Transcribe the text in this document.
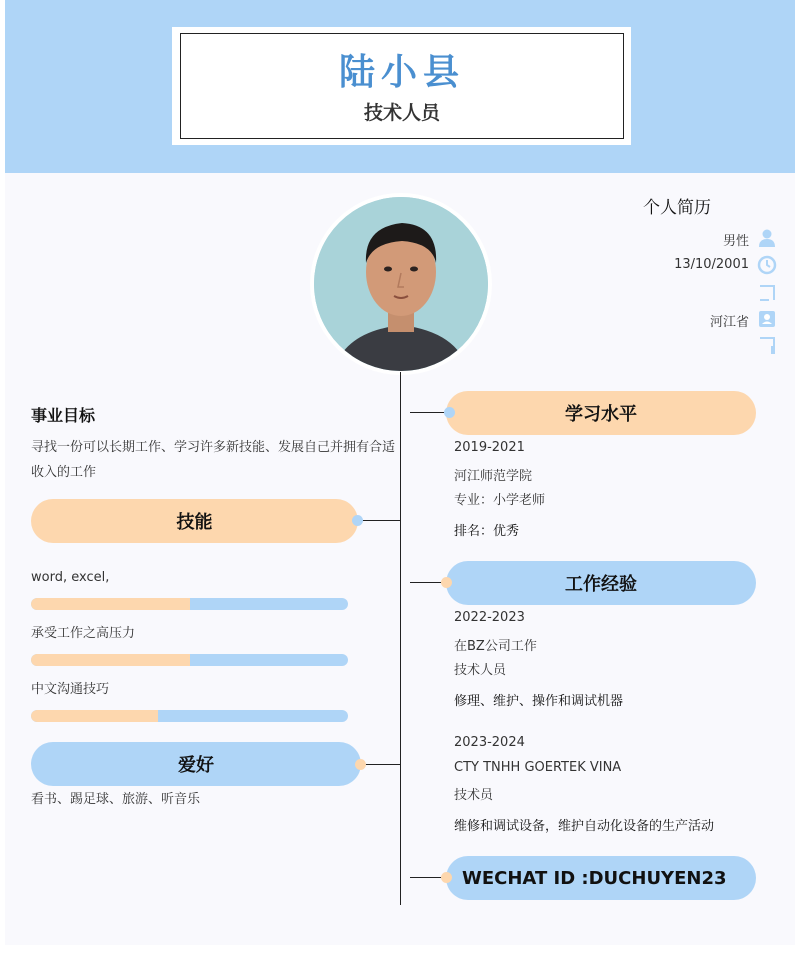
陆小县
技术人员
个人简历
男性
13/10/2001
河江省
事业目标
寻找一份可以长期工作、学习许多新技能、发展自己并拥有合适收入的工作
技能
word, excel,
承受工作之高压力
中文沟通技巧
爱好
看书、踢足球、旅游、听音乐
学习水平
2019-2021
河江师范学院
专业：小学老师
排名：优秀
工作经验
2022-2023
在BZ公司工作
技术人员
修理、维护、操作和调试机器
2023-2024
CTY TNHH GOERTEK VINA
技术员
维修和调试设备，维护自动化设备的生产活动
WECHAT ID :DUCHUYEN23
